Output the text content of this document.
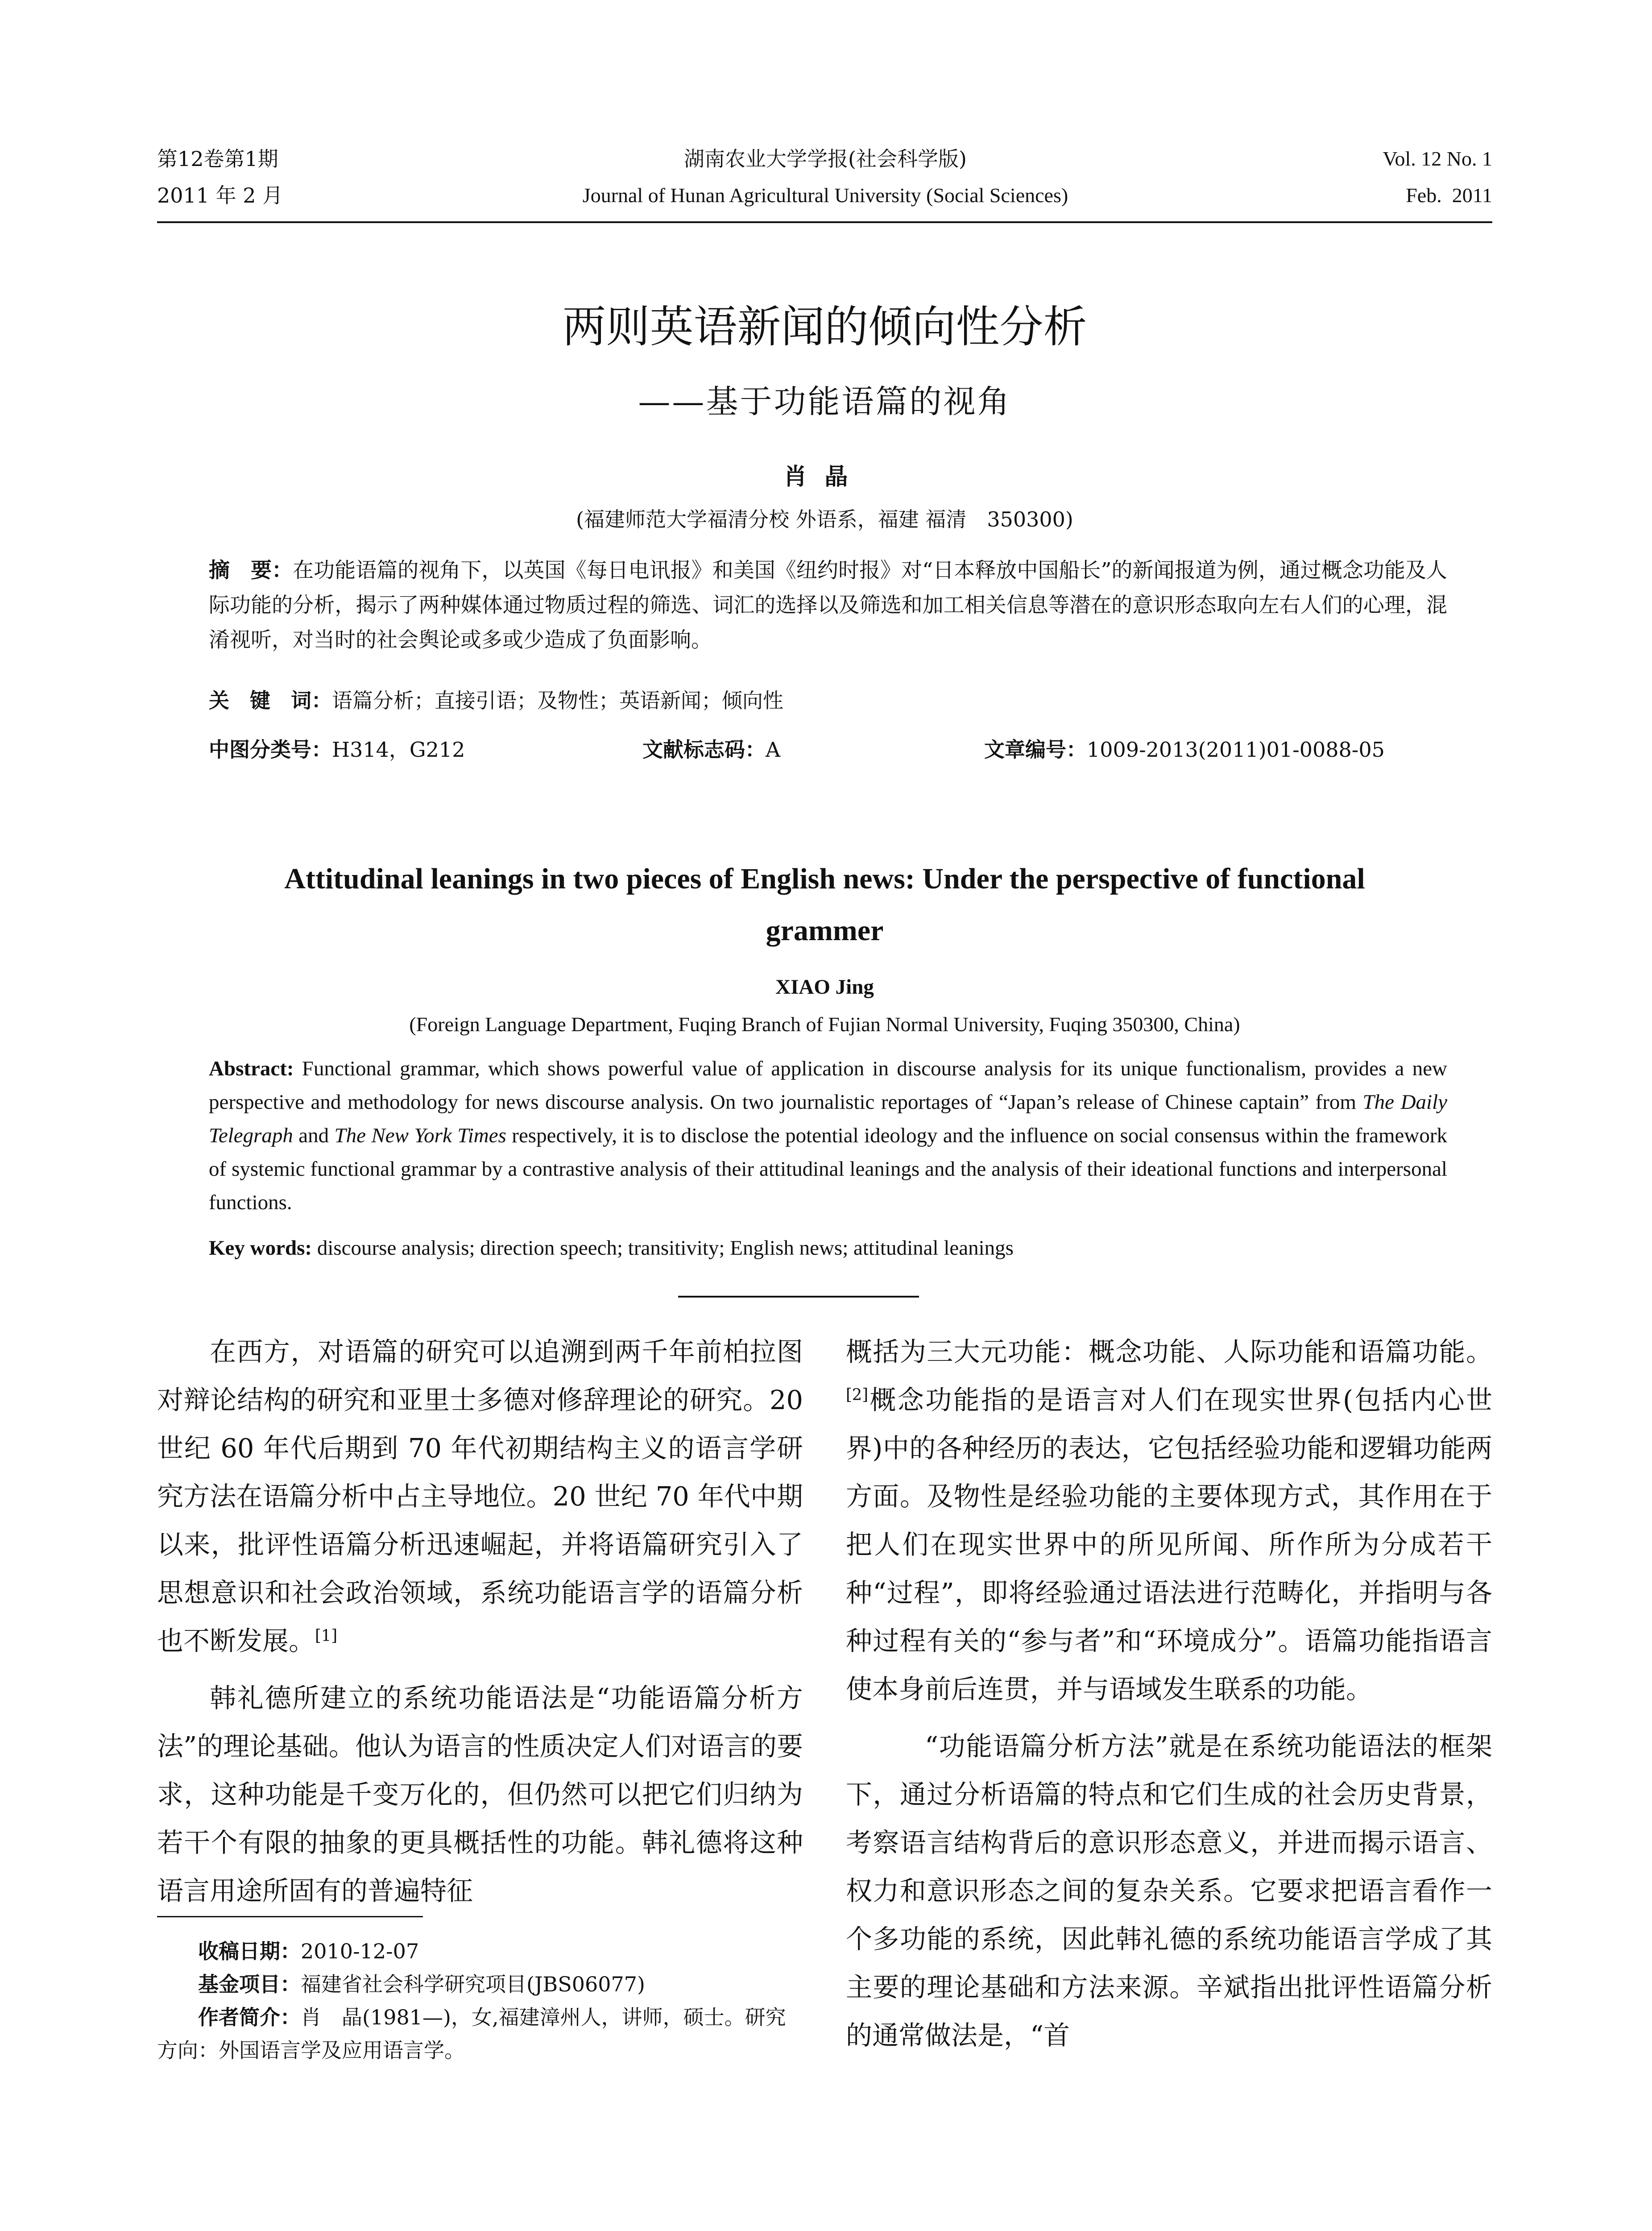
第12卷第1期
2011 年 2 月
湖南农业大学学报(社会科学版)
Journal of Hunan Agricultural University (Social Sciences)
Vol. 12 No. 1
Feb.  2011
两则英语新闻的倾向性分析
——基于功能语篇的视角
肖晶
(福建师范大学福清分校 外语系，福建 福清　350300)
摘　要：在功能语篇的视角下，以英国《每日电讯报》和美国《纽约时报》对“日本释放中国船长”的新闻报道为例，通过概念功能及人际功能的分析，揭示了两种媒体通过物质过程的筛选、词汇的选择以及筛选和加工相关信息等潜在的意识形态取向左右人们的心理，混淆视听，对当时的社会舆论或多或少造成了负面影响。
关　键　词：语篇分析；直接引语；及物性；英语新闻；倾向性
中图分类号：H314，G212	文献标志码：A	文章编号：1009-2013(2011)01-0088-05
Attitudinal leanings in two pieces of English news: Under the perspective of functional
grammer
XIAO Jing
(Foreign Language Department, Fuqing Branch of Fujian Normal University, Fuqing 350300, China)
Abstract: Functional grammar, which shows powerful value of application in discourse analysis for its unique functionalism, provides a new perspective and methodology for news discourse analysis. On two journalistic reportages of “Japan’s release of Chinese captain” from The Daily Telegraph and The New York Times respectively, it is to disclose the potential ideology and the influence on social consensus within the framework of systemic functional grammar by a contrastive analysis of their attitudinal leanings and the analysis of their ideational functions and interpersonal functions.
Key words: discourse analysis; direction speech; transitivity; English news; attitudinal leanings

在西方，对语篇的研究可以追溯到两千年前柏拉图对辩论结构的研究和亚里士多德对修辞理论的研究。20 世纪 60 年代后期到 70 年代初期结构主义的语言学研究方法在语篇分析中占主导地位。20 世纪 70 年代中期以来，批评性语篇分析迅速崛起，并将语篇研究引入了思想意识和社会政治领域，系统功能语言学的语篇分析也不断发展。[1]

韩礼德所建立的系统功能语法是“功能语篇分析方法”的理论基础。他认为语言的性质决定人们对语言的要求，这种功能是千变万化的，但仍然可以把它们归纳为若干个有限的抽象的更具概括性的功能。韩礼德将这种语言用途所固有的普遍特征

收稿日期：2010-12-07

基金项目：福建省社会科学研究项目(JBS06077)

作者简介：肖　晶(1981—)，女,福建漳州人，讲师，硕士。研究方向：外国语言学及应用语言学。

概括为三大元功能：概念功能、人际功能和语篇功能。[2]概念功能指的是语言对人们在现实世界(包括内心世界)中的各种经历的表达，它包括经验功能和逻辑功能两方面。及物性是经验功能的主要体现方式，其作用在于把人们在现实世界中的所见所闻、所作所为分成若干种“过程”，即将经验通过语法进行范畴化，并指明与各种过程有关的“参与者”和“环境成分”。语篇功能指语言使本身前后连贯，并与语域发生联系的功能。

“功能语篇分析方法”就是在系统功能语法的框架下，通过分析语篇的特点和它们生成的社会历史背景，考察语言结构背后的意识形态意义，并进而揭示语言、权力和意识形态之间的复杂关系。它要求把语言看作一个多功能的系统，因此韩礼德的系统功能语言学成了其主要的理论基础和方法来源。辛斌指出批评性语篇分析的通常做法是，“首
